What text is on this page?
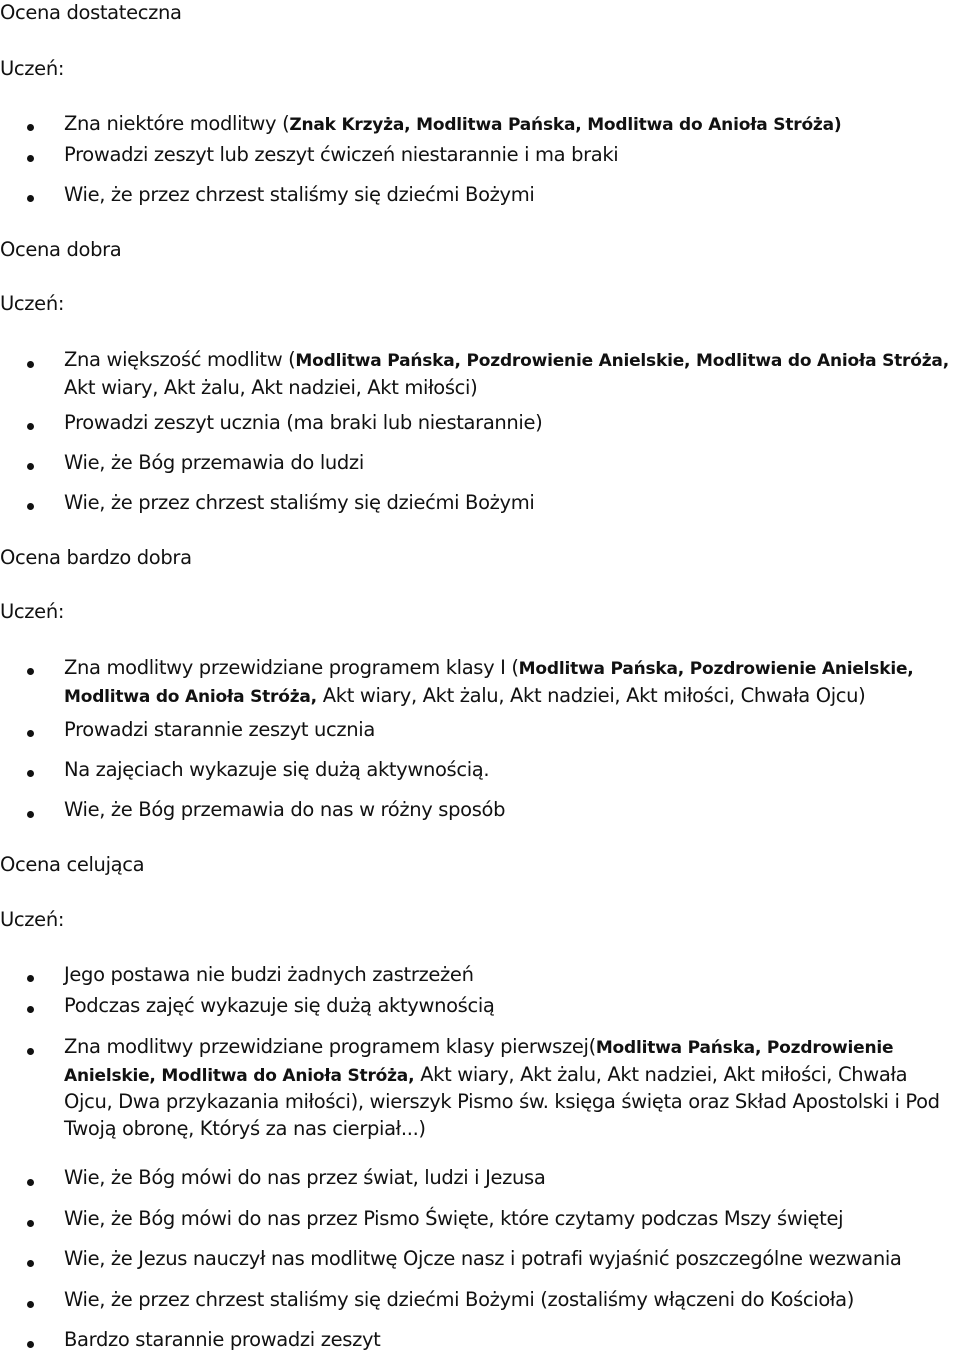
Ocena dostateczna
Uczeń:
Zna niektóre modlitwy (Znak Krzyża, Modlitwa Pańska, Modlitwa do Anioła Stróża)
Prowadzi zeszyt lub zeszyt ćwiczeń niestarannie i ma braki
Wie, że przez chrzest staliśmy się dziećmi Bożymi
Ocena dobra
Uczeń:
Zna większość modlitw (Modlitwa Pańska, Pozdrowienie Anielskie, Modlitwa do Anioła Stróża, Akt wiary, Akt żalu, Akt nadziei, Akt miłości)
Prowadzi zeszyt ucznia (ma braki lub niestarannie)
Wie, że Bóg przemawia do ludzi
Wie, że przez chrzest staliśmy się dziećmi Bożymi
Ocena bardzo dobra
Uczeń:
Zna modlitwy przewidziane programem klasy I (Modlitwa Pańska, Pozdrowienie Anielskie, Modlitwa do Anioła Stróża, Akt wiary, Akt żalu, Akt nadziei, Akt miłości, Chwała Ojcu)
Prowadzi starannie zeszyt ucznia
Na zajęciach wykazuje się dużą aktywnością.
Wie, że Bóg przemawia do nas w różny sposób
Ocena celująca
Uczeń:
Jego postawa nie budzi żadnych zastrzeżeń
Podczas zajęć wykazuje się dużą aktywnością
Zna modlitwy przewidziane programem klasy pierwszej(Modlitwa Pańska, Pozdrowienie Anielskie, Modlitwa do Anioła Stróża, Akt wiary, Akt żalu, Akt nadziei, Akt miłości, Chwała Ojcu, Dwa przykazania miłości), wierszyk Pismo św. księga święta oraz Skład Apostolski i Pod Twoją obronę, Któryś za nas cierpiał...)
Wie, że Bóg mówi do nas przez świat, ludzi i Jezusa
Wie, że Bóg mówi do nas przez Pismo Święte, które czytamy podczas Mszy świętej
Wie, że Jezus nauczył nas modlitwę Ojcze nasz i potrafi wyjaśnić poszczególne wezwania
Wie, że przez chrzest staliśmy się dziećmi Bożymi (zostaliśmy włączeni do Kościoła)
Bardzo starannie prowadzi zeszyt
